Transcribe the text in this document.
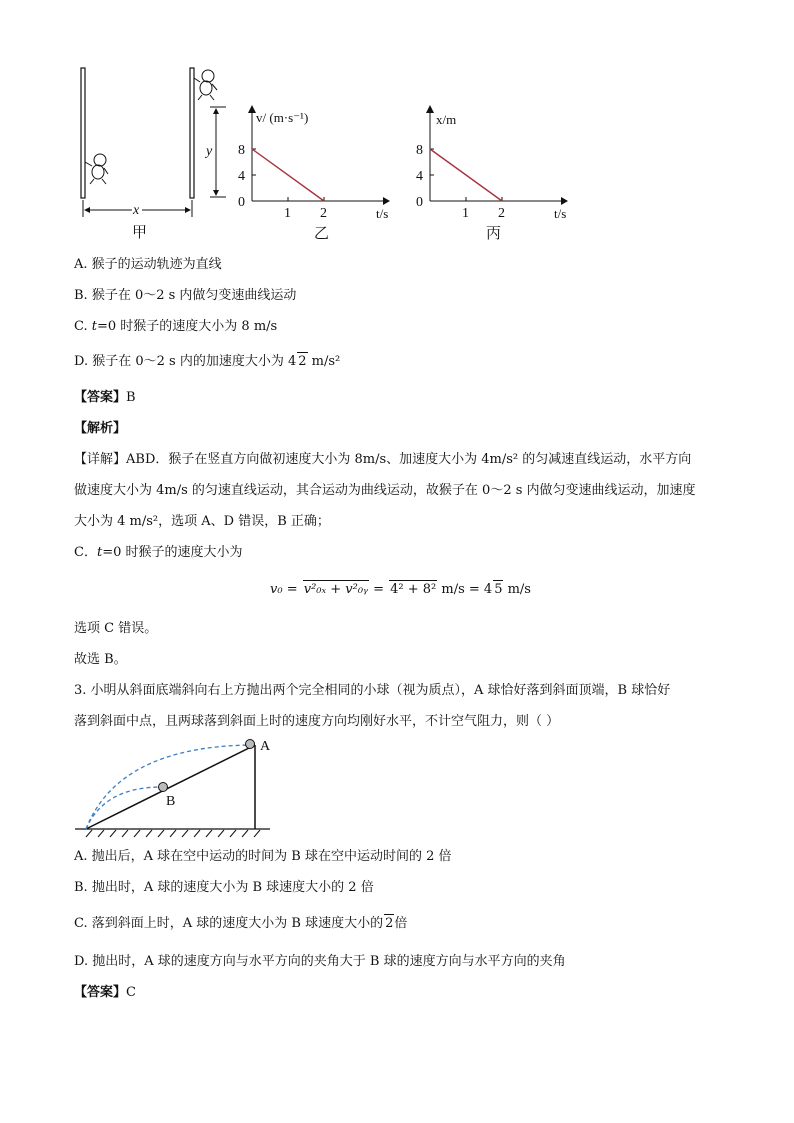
y
x
甲
v/ (m·s⁻¹)
t/s
0
4
8
1 2
乙
x/m
t/s
0
4
8
1 2
丙
A. 猴子的运动轨迹为直线
B. 猴子在 0～2 s 内做匀变速曲线运动
C. t=0 时猴子的速度大小为 8 m/s
D. 猴子在 0～2 s 内的加速度大小为 4 2 m/s²
【答案】B
【解析】
【详解】ABD．猴子在竖直方向做初速度大小为 8m/s、加速度大小为 4m/s² 的匀减速直线运动，水平方向
做速度大小为 4m/s 的匀速直线运动，其合运动为曲线运动，故猴子在 0～2 s 内做匀变速曲线运动，加速度
大小为 4 m/s²，选项 A、D 错误，B 正确；
C．t=0 时猴子的速度大小为
v₀ = v²₀ₓ + v²₀ᵧ = 4² + 8² m/s = 4 5 m/s
选项 C 错误。
故选 B。
3. 小明从斜面底端斜向右上方抛出两个完全相同的小球（视为质点），A 球恰好落到斜面顶端，B 球恰好
落到斜面中点，且两球落到斜面上时的速度方向均刚好水平，不计空气阻力，则（ ）
A
B
A. 抛出后，A 球在空中运动的时间为 B 球在空中运动时间的 2 倍
B. 抛出时，A 球的速度大小为 B 球速度大小的 2 倍
C. 落到斜面上时，A 球的速度大小为 B 球速度大小的 2倍
D. 抛出时，A 球的速度方向与水平方向的夹角大于 B 球的速度方向与水平方向的夹角
【答案】C
